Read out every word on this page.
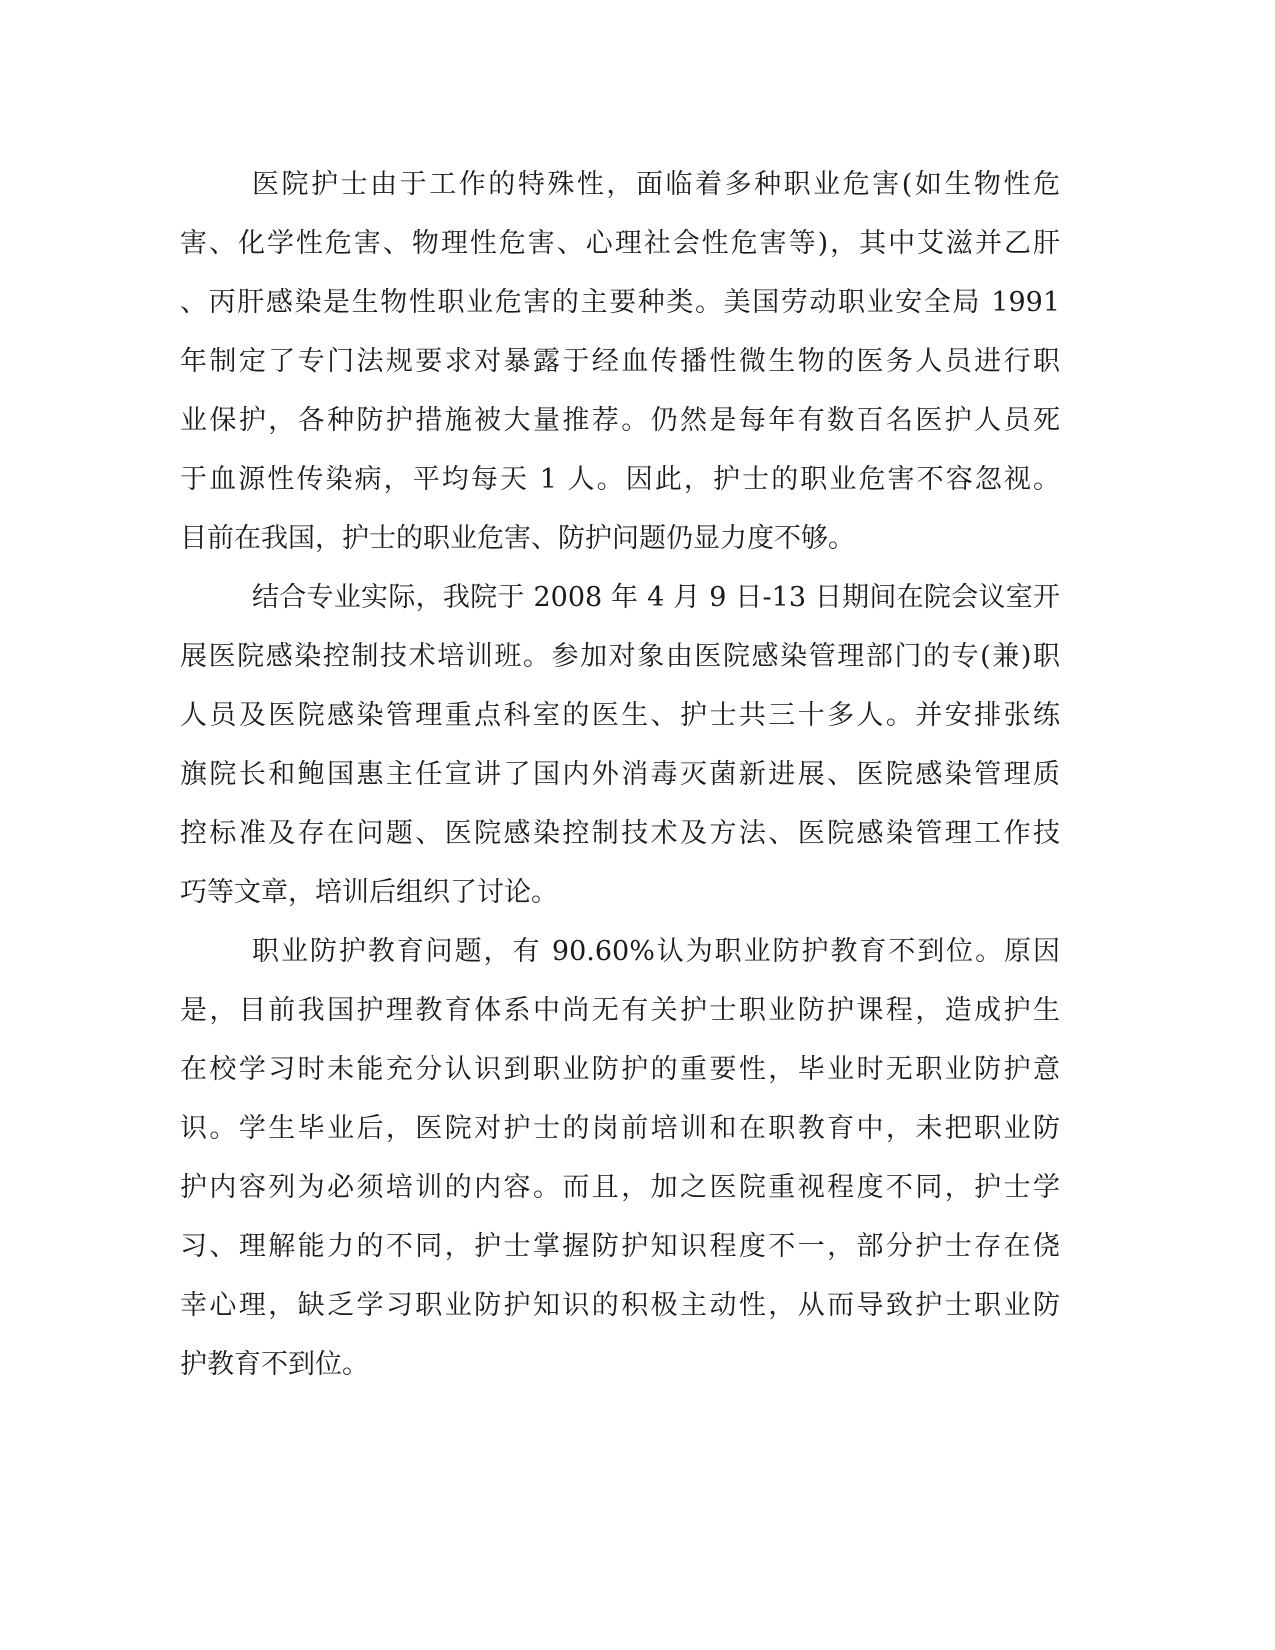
医院护士由于工作的特殊性，面临着多种职业危害(如生物性危
害、化学性危害、物理性危害、心理社会性危害等)，其中艾滋并乙肝
、丙肝感染是生物性职业危害的主要种类。美国劳动职业安全局 1991
年制定了专门法规要求对暴露于经血传播性微生物的医务人员进行职
业保护，各种防护措施被大量推荐。仍然是每年有数百名医护人员死
于血源性传染病，平均每天 1 人。因此，护士的职业危害不容忽视。
目前在我国，护士的职业危害、防护问题仍显力度不够。
结合专业实际，我院于 2008 年 4 月 9 日-13 日期间在院会议室开
展医院感染控制技术培训班。参加对象由医院感染管理部门的专(兼)职
人员及医院感染管理重点科室的医生、护士共三十多人。并安排张练
旗院长和鲍国惠主任宣讲了国内外消毒灭菌新进展、医院感染管理质
控标准及存在问题、医院感染控制技术及方法、医院感染管理工作技
巧等文章，培训后组织了讨论。
职业防护教育问题，有 90.60%认为职业防护教育不到位。原因
是，目前我国护理教育体系中尚无有关护士职业防护课程，造成护生
在校学习时未能充分认识到职业防护的重要性，毕业时无职业防护意
识。学生毕业后，医院对护士的岗前培训和在职教育中，未把职业防
护内容列为必须培训的内容。而且，加之医院重视程度不同，护士学
习、理解能力的不同，护士掌握防护知识程度不一，部分护士存在侥
幸心理，缺乏学习职业防护知识的积极主动性，从而导致护士职业防
护教育不到位。
